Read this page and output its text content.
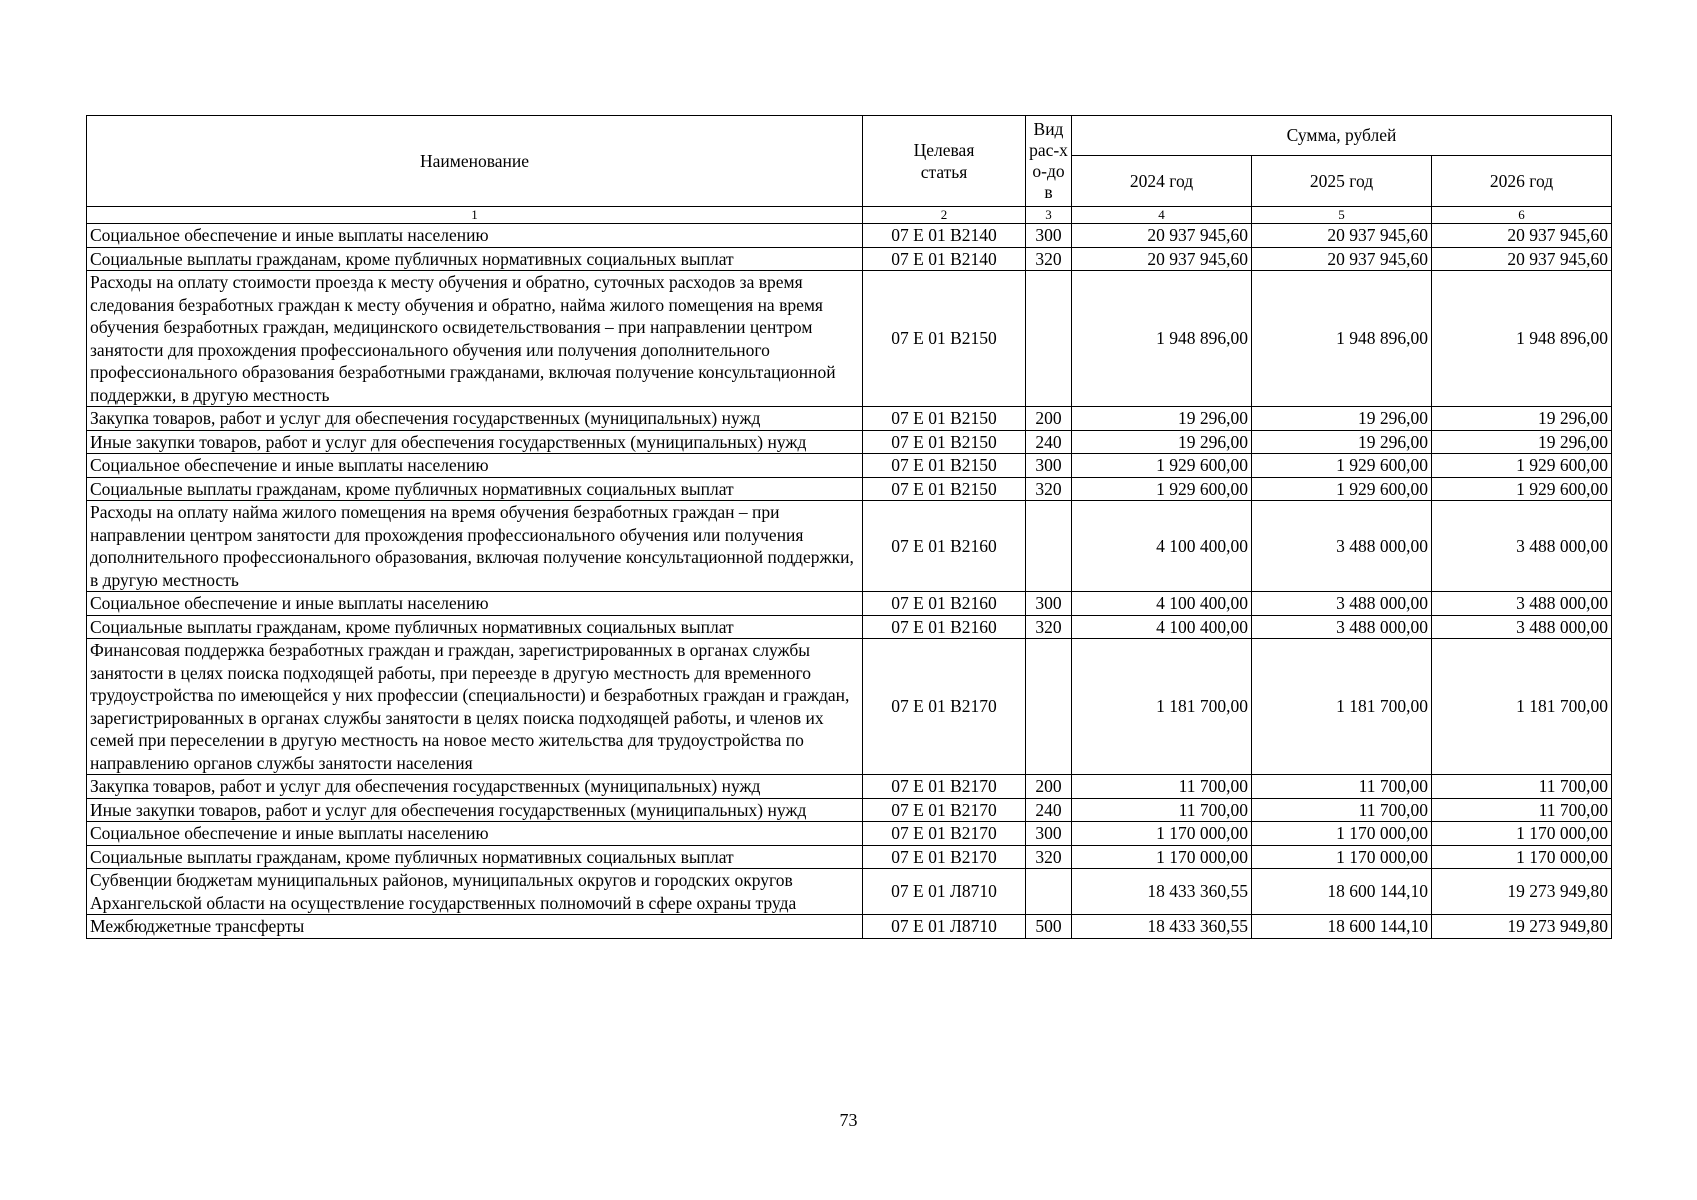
Наименование	Целевая статья	Вид рас-хо-дов	Сумма, рублей		
			2024 год	2025 год	2026 год
1	2	3	4	5	6
Социальное обеспечение и иные выплаты населению	07 Е 01 В2140	300	20 937 945,60	20 937 945,60	20 937 945,60
Социальные выплаты гражданам, кроме публичных нормативных социальных выплат	07 Е 01 В2140	320	20 937 945,60	20 937 945,60	20 937 945,60
Расходы на оплату стоимости проезда к месту обучения и обратно, суточных расходов за время следования безработных граждан к месту обучения и обратно, найма жилого помещения на время обучения безработных граждан, медицинского освидетельствования – при направлении центром занятости для прохождения профессионального обучения или получения дополнительного профессионального образования безработными гражданами, включая получение консультационной поддержки, в другую местность	07 Е 01 В2150		1 948 896,00	1 948 896,00	1 948 896,00
Закупка товаров, работ и услуг для обеспечения государственных (муниципальных) нужд	07 Е 01 В2150	200	19 296,00	19 296,00	19 296,00
Иные закупки товаров, работ и услуг для обеспечения государственных (муниципальных) нужд	07 Е 01 В2150	240	19 296,00	19 296,00	19 296,00
Социальное обеспечение и иные выплаты населению	07 Е 01 В2150	300	1 929 600,00	1 929 600,00	1 929 600,00
Социальные выплаты гражданам, кроме публичных нормативных социальных выплат	07 Е 01 В2150	320	1 929 600,00	1 929 600,00	1 929 600,00
Расходы на оплату найма жилого помещения на время обучения безработных граждан – при направлении центром занятости для прохождения профессионального обучения или получения дополнительного профессионального образования, включая получение консультационной поддержки, в другую местность	07 Е 01 В2160		4 100 400,00	3 488 000,00	3 488 000,00
Социальное обеспечение и иные выплаты населению	07 Е 01 В2160	300	4 100 400,00	3 488 000,00	3 488 000,00
Социальные выплаты гражданам, кроме публичных нормативных социальных выплат	07 Е 01 В2160	320	4 100 400,00	3 488 000,00	3 488 000,00
Финансовая поддержка безработных граждан и граждан, зарегистрированных в органах службы занятости в целях поиска подходящей работы, при переезде в другую местность для временного трудоустройства по имеющейся у них профессии (специальности) и безработных граждан и граждан, зарегистрированных в органах службы занятости в целях поиска подходящей работы, и членов их семей при переселении в другую местность на новое место жительства для трудоустройства по направлению органов службы занятости населения	07 Е 01 В2170		1 181 700,00	1 181 700,00	1 181 700,00
Закупка товаров, работ и услуг для обеспечения государственных (муниципальных) нужд	07 Е 01 В2170	200	11 700,00	11 700,00	11 700,00
Иные закупки товаров, работ и услуг для обеспечения государственных (муниципальных) нужд	07 Е 01 В2170	240	11 700,00	11 700,00	11 700,00
Социальное обеспечение и иные выплаты населению	07 Е 01 В2170	300	1 170 000,00	1 170 000,00	1 170 000,00
Социальные выплаты гражданам, кроме публичных нормативных социальных выплат	07 Е 01 В2170	320	1 170 000,00	1 170 000,00	1 170 000,00
Субвенции бюджетам муниципальных районов, муниципальных округов и городских округов Архангельской области на осуществление государственных полномочий в сфере охраны труда	07 Е 01 Л8710		18 433 360,55	18 600 144,10	19 273 949,80
Межбюджетные трансферты	07 Е 01 Л8710	500	18 433 360,55	18 600 144,10	19 273 949,80
73
